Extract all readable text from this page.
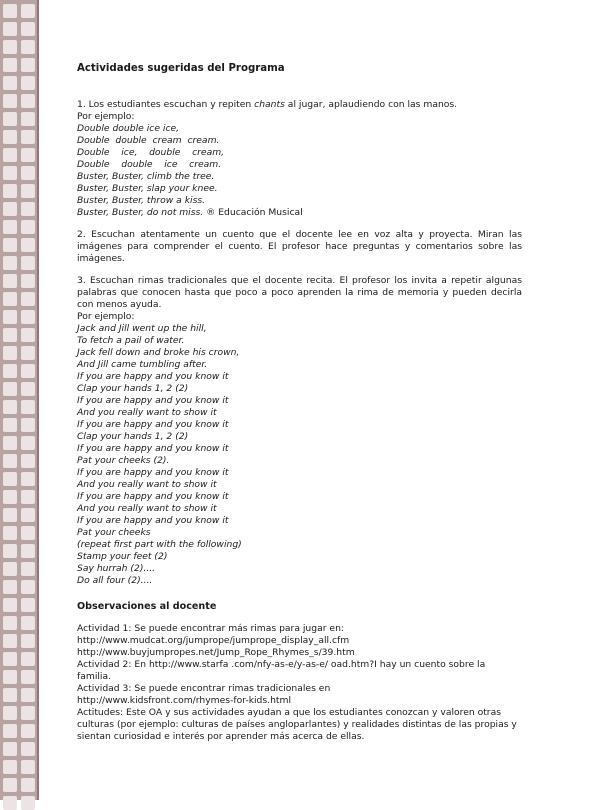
Actividades sugeridas del Programa

1. Los estudiantes escuchan y repiten chants al jugar, aplaudiendo con las manos.

Por ejemplo:

Double double ice ice,

Double  double  cream  cream.

Double    ice,    double    cream,

Double    double    ice    cream.

Buster, Buster, climb the tree.

Buster, Buster, slap your knee.

Buster, Buster, throw a kiss.

Buster, Buster, do not miss. ® Educación Musical

2. Escuchan atentamente un cuento que el docente lee en voz alta y proyecta. Miran las imágenes para comprender el cuento. El profesor hace preguntas y comentarios sobre las imágenes.

3. Escuchan rimas tradicionales que el docente recita. El profesor los invita a repetir algunas palabras que conocen hasta que poco a poco aprenden la rima de memoria y pueden decirla con menos ayuda.

Por ejemplo:

Jack and Jill went up the hill,

To fetch a pail of water.

Jack fell down and broke his crown,

And Jill came tumbling after.

If you are happy and you know it

Clap your hands 1, 2 (2)

If you are happy and you know it

And you really want to show it

If you are happy and you know it

Clap your hands 1, 2 (2)

If you are happy and you know it

Pat your cheeks (2).

If you are happy and you know it

And you really want to show it

If you are happy and you know it

And you really want to show it

If you are happy and you know it

Pat your cheeks

(repeat first part with the following)

Stamp your feet (2)

Say hurrah (2)....

Do all four (2)....

Observaciones al docente

Actividad 1: Se puede encontrar más rimas para jugar en:

http://www.mudcat.org/jumprope/jumprope_display_all.cfm

http://www.buyjumpropes.net/Jump_Rope_Rhymes_s/39.htm

Actividad 2: En http://www.starfa .com/nfy-as-e/y-as-e/ oad.htm?I hay un cuento sobre la familia.

Actividad 3: Se puede encontrar rimas tradicionales en

http://www.kidsfront.com/rhymes-for-kids.html

Actitudes: Este OA y sus actividades ayudan a que los estudiantes conozcan y valoren otras culturas (por ejemplo: culturas de países angloparlantes) y realidades distintas de las propias y sientan curiosidad e interés por aprender más acerca de ellas.
